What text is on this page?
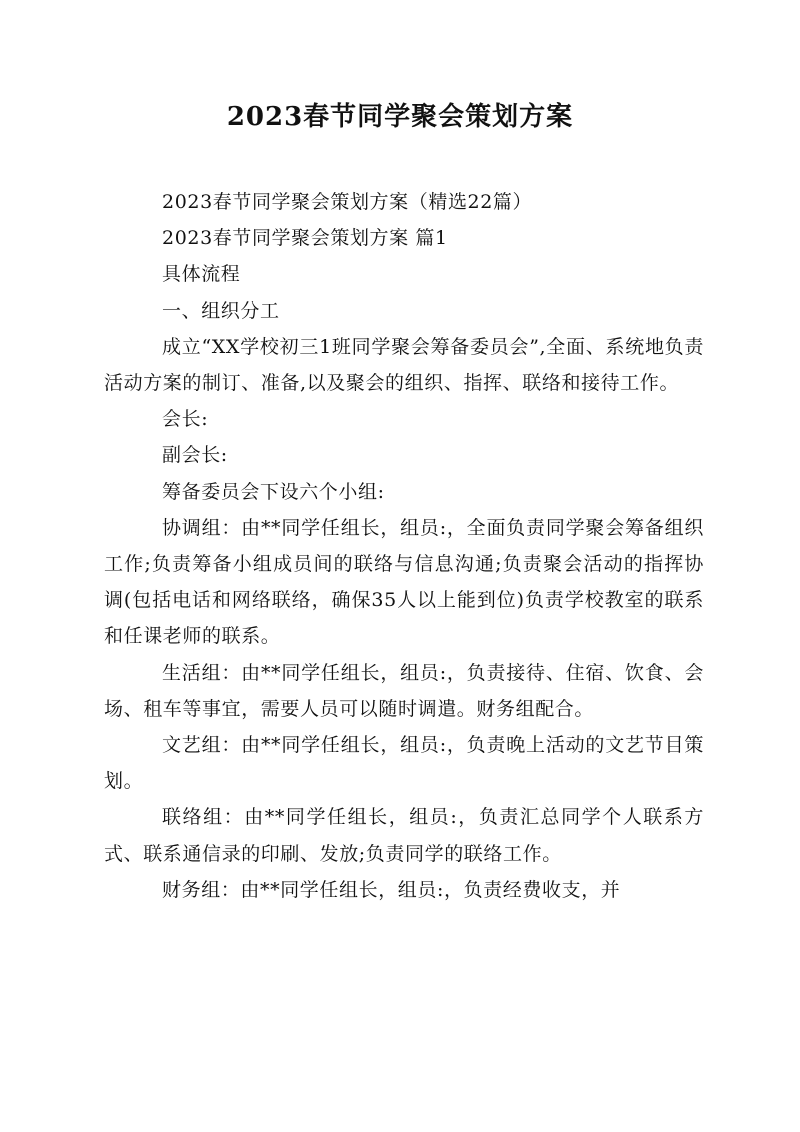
2023春节同学聚会策划方案

2023春节同学聚会策划方案（精选22篇）

2023春节同学聚会策划方案 篇1

具体流程

一、组织分工

成立“XX学校初三1班同学聚会筹备委员会”,全面、系统地负责活动方案的制订、准备,以及聚会的组织、指挥、联络和接待工作。

会长:

副会长:

筹备委员会下设六个小组:

协调组：由**同学任组长，组员:，全面负责同学聚会筹备组织工作;负责筹备小组成员间的联络与信息沟通;负责聚会活动的指挥协调(包括电话和网络联络，确保35人以上能到位)负责学校教室的联系和任课老师的联系。

生活组：由**同学任组长，组员:，负责接待、住宿、饮食、会场、租车等事宜，需要人员可以随时调遣。财务组配合。

文艺组：由**同学任组长，组员:，负责晚上活动的文艺节目策划。

联络组：由**同学任组长，组员:，负责汇总同学个人联系方式、联系通信录的印刷、发放;负责同学的联络工作。

财务组：由**同学任组长，组员:，负责经费收支，并
